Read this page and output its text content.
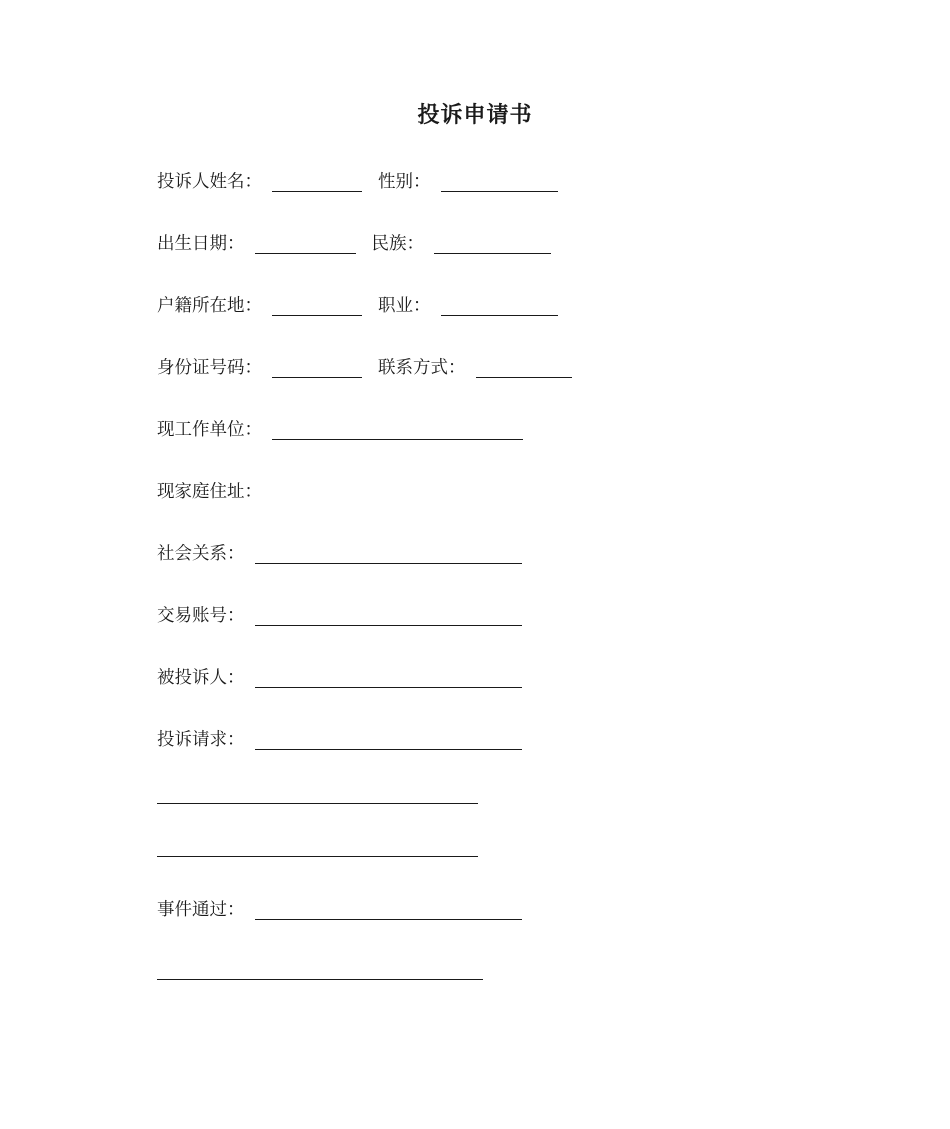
投诉申请书
投诉人姓名：	性别：
出生日期：	民族：
户籍所在地：	职业：
身份证号码：	联系方式：
现工作单位：
现家庭住址：
社会关系：
交易账号：
被投诉人：
投诉请求：
事件通过：
